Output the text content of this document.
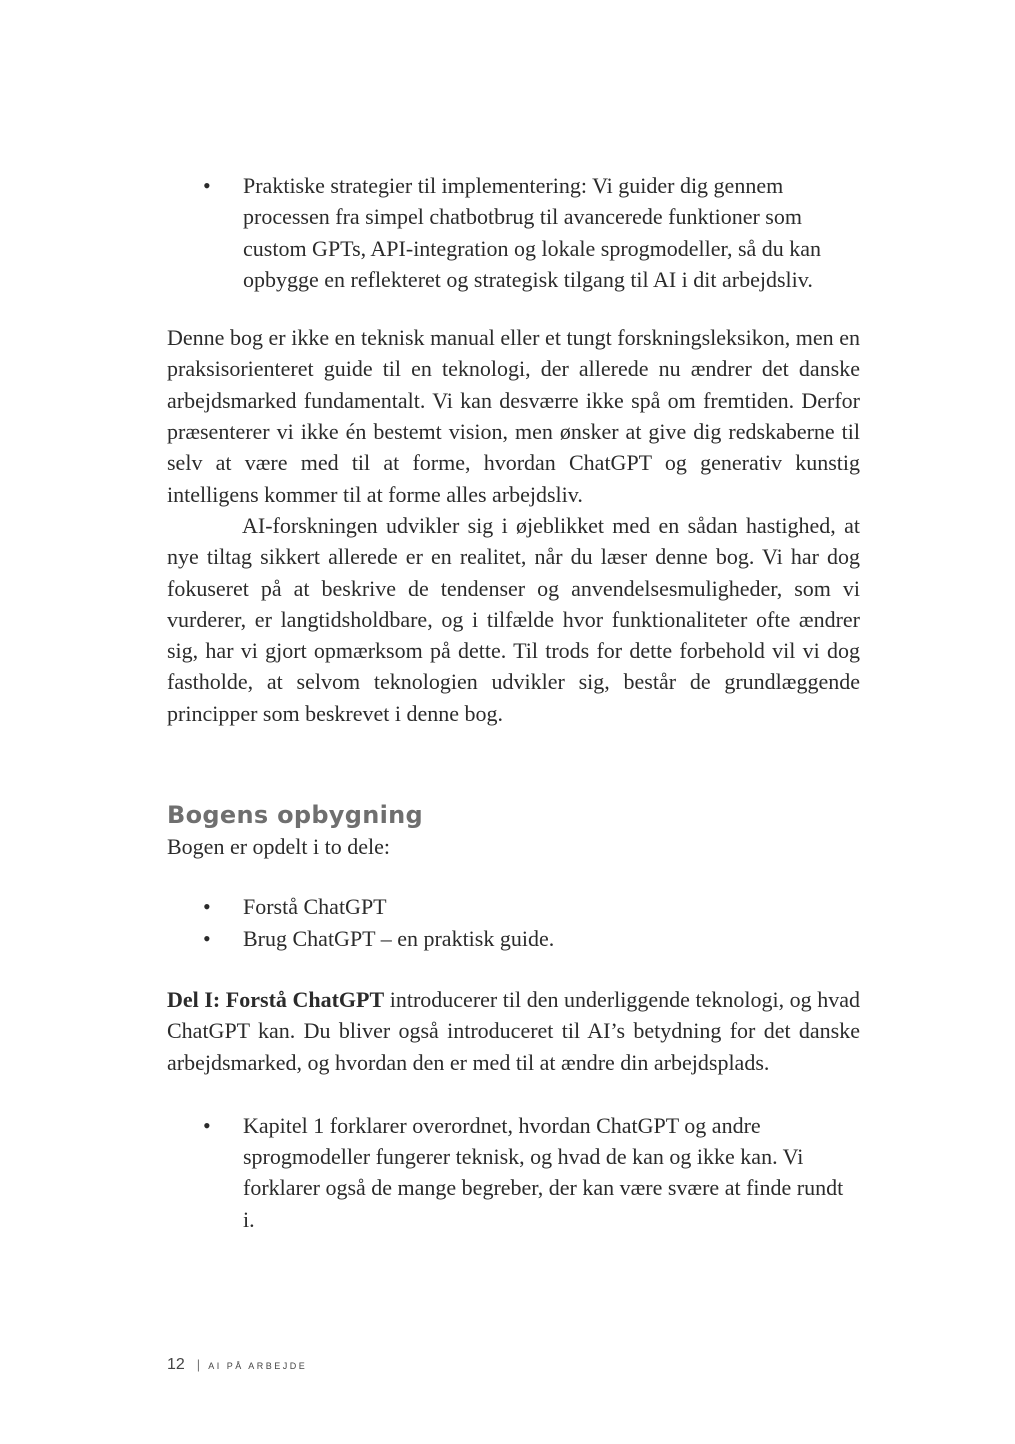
• Praktiske strategier til implementering: Vi guider dig gennem processen fra simpel chatbotbrug til avancerede funktioner som custom GPTs, API-integration og lokale sprogmodeller, så du kan opbygge en reflekteret og strategisk tilgang til AI i dit arbejdsliv.

Denne bog er ikke en teknisk manual eller et tungt forskningsleksikon, men en praksisorienteret guide til en teknologi, der allerede nu ændrer det danske arbejdsmarked fundamentalt. Vi kan desværre ikke spå om fremtiden. Derfor præsenterer vi ikke én bestemt vision, men ønsker at give dig redskaberne til selv at være med til at forme, hvordan ChatGPT og generativ kunstig intelligens kommer til at forme alles arbejdsliv.

AI-forskningen udvikler sig i øjeblikket med en sådan hastighed, at nye tiltag sikkert allerede er en realitet, når du læser denne bog. Vi har dog fokuseret på at beskrive de tendenser og anvendelsesmuligheder, som vi vurderer, er langtidsholdbare, og i tilfælde hvor funktionaliteter ofte ændrer sig, har vi gjort opmærksom på dette. Til trods for dette forbehold vil vi dog fastholde, at selvom teknologien udvikler sig, består de grundlæggende principper som beskrevet i denne bog.

Bogens opbygning

Bogen er opdelt i to dele:

• Forstå ChatGPT
• Brug ChatGPT – en praktisk guide.

Del I: Forstå ChatGPT introducerer til den underliggende teknologi, og hvad ChatGPT kan. Du bliver også introduceret til AI’s betydning for det danske arbejdsmarked, og hvordan den er med til at ændre din arbejdsplads.

• Kapitel 1 forklarer overordnet, hvordan ChatGPT og andre sprogmodeller fungerer teknisk, og hvad de kan og ikke kan. Vi forklarer også de mange begreber, der kan være svære at finde rundt i.
12 | AI PÅ ARBEJDE
